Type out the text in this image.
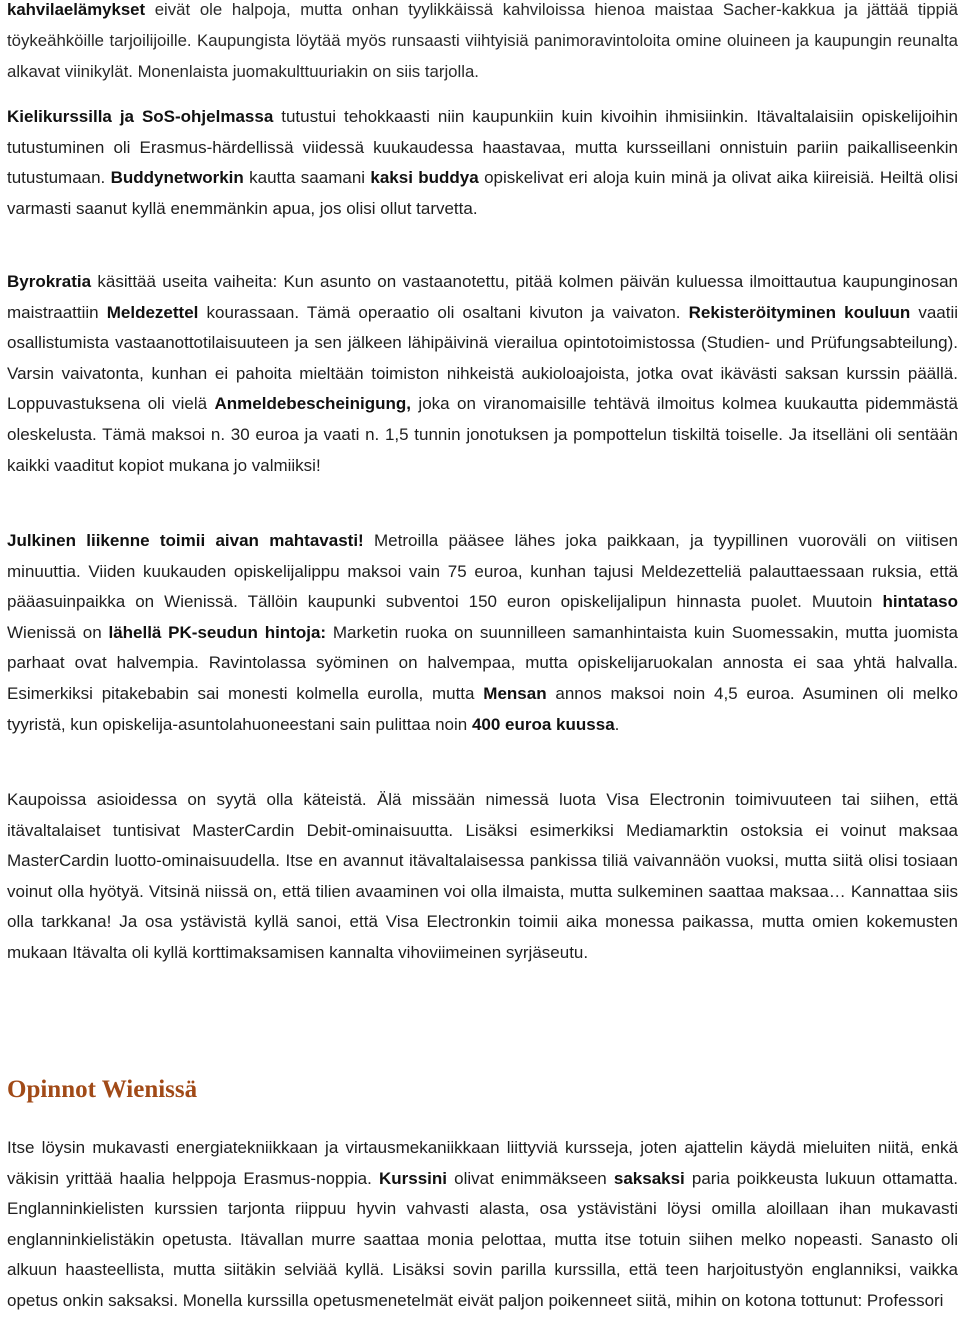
kahvilaelämykset eivät ole halpoja, mutta onhan tyylikkäissä kahviloissa hienoa maistaa Sacher-kakkua ja jättää tippiä töykeähköille tarjoilijoille. Kaupungista löytää myös runsaasti viihtyisiä panimoravintoloita omine oluineen ja kaupungin reunalta alkavat viinikylät. Monenlaista juomakulttuuriakin on siis tarjolla.

Kielikurssilla ja SoS-ohjelmassa tutustui tehokkaasti niin kaupunkiin kuin kivoihin ihmisiinkin. Itävaltalaisiin opiskelijoihin tutustuminen oli Erasmus-härdellissä viidessä kuukaudessa haastavaa, mutta kursseillani onnistuin pariin paikalliseenkin tutustumaan. Buddynetworkin kautta saamani kaksi buddya opiskelivat eri aloja kuin minä ja olivat aika kiireisiä. Heiltä olisi varmasti saanut kyllä enemmänkin apua, jos olisi ollut tarvetta.

Byrokratia käsittää useita vaiheita: Kun asunto on vastaanotettu, pitää kolmen päivän kuluessa ilmoittautua kaupunginosan maistraattiin Meldezettel kourassaan. Tämä operaatio oli osaltani kivuton ja vaivaton. Rekisteröityminen kouluun vaatii osallistumista vastaanottotilaisuuteen ja sen jälkeen lähipäivinä vierailua opintotoimistossa (Studien- und Prüfungsabteilung). Varsin vaivatonta, kunhan ei pahoita mieltään toimiston nihkeistä aukioloajoista, jotka ovat ikävästi saksan kurssin päällä. Loppuvastuksena oli vielä Anmeldebescheinigung, joka on viranomaisille tehtävä ilmoitus kolmea kuukautta pidemmästä oleskelusta. Tämä maksoi n. 30 euroa ja vaati n. 1,5 tunnin jonotuksen ja pompottelun tiskiltä toiselle. Ja itselläni oli sentään kaikki vaaditut kopiot mukana jo valmiiksi!

Julkinen liikenne toimii aivan mahtavasti! Metroilla pääsee lähes joka paikkaan, ja tyypillinen vuoroväli on viitisen minuuttia. Viiden kuukauden opiskelijalippu maksoi vain 75 euroa, kunhan tajusi Meldezetteliä palauttaessaan ruksia, että pääasuinpaikka on Wienissä. Tällöin kaupunki subventoi 150 euron opiskelijalipun hinnasta puolet. Muutoin hintataso Wienissä on lähellä PK-seudun hintoja: Marketin ruoka on suunnilleen samanhintaista kuin Suomessakin, mutta juomista parhaat ovat halvempia. Ravintolassa syöminen on halvempaa, mutta opiskelijaruokalan annosta ei saa yhtä halvalla. Esimerkiksi pitakebabin sai monesti kolmella eurolla, mutta Mensan annos maksoi noin 4,5 euroa. Asuminen oli melko tyyristä, kun opiskelija-asuntolahuoneestani sain pulittaa noin 400 euroa kuussa.

Kaupoissa asioidessa on syytä olla käteistä. Älä missään nimessä luota Visa Electronin toimivuuteen tai siihen, että itävaltalaiset tuntisivat MasterCardin Debit-ominaisuutta. Lisäksi esimerkiksi Mediamarktin ostoksia ei voinut maksaa MasterCardin luotto-ominaisuudella. Itse en avannut itävaltalaisessa pankissa tiliä vaivannäön vuoksi, mutta siitä olisi tosiaan voinut olla hyötyä. Vitsinä niissä on, että tilien avaaminen voi olla ilmaista, mutta sulkeminen saattaa maksaa… Kannattaa siis olla tarkkana! Ja osa ystävistä kyllä sanoi, että Visa Electronkin toimii aika monessa paikassa, mutta omien kokemusten mukaan Itävalta oli kyllä korttimaksamisen kannalta vihoviimeinen syrjäseutu.

Opinnot Wienissä

Itse löysin mukavasti energiatekniikkaan ja virtausmekaniikkaan liittyviä kursseja, joten ajattelin käydä mieluiten niitä, enkä väkisin yrittää haalia helppoja Erasmus-noppia. Kurssini olivat enimmäkseen saksaksi paria poikkeusta lukuun ottamatta. Englanninkielisten kurssien tarjonta riippuu hyvin vahvasti alasta, osa ystävistäni löysi omilla aloillaan ihan mukavasti englanninkielistäkin opetusta. Itävallan murre saattaa monia pelottaa, mutta itse totuin siihen melko nopeasti. Sanasto oli alkuun haasteellista, mutta siitäkin selviää kyllä. Lisäksi sovin parilla kurssilla, että teen harjoitustyön englanniksi, vaikka opetus onkin saksaksi. Monella kurssilla opetusmenetelmät eivät paljon poikenneet siitä, mihin on kotona tottunut: Professori
